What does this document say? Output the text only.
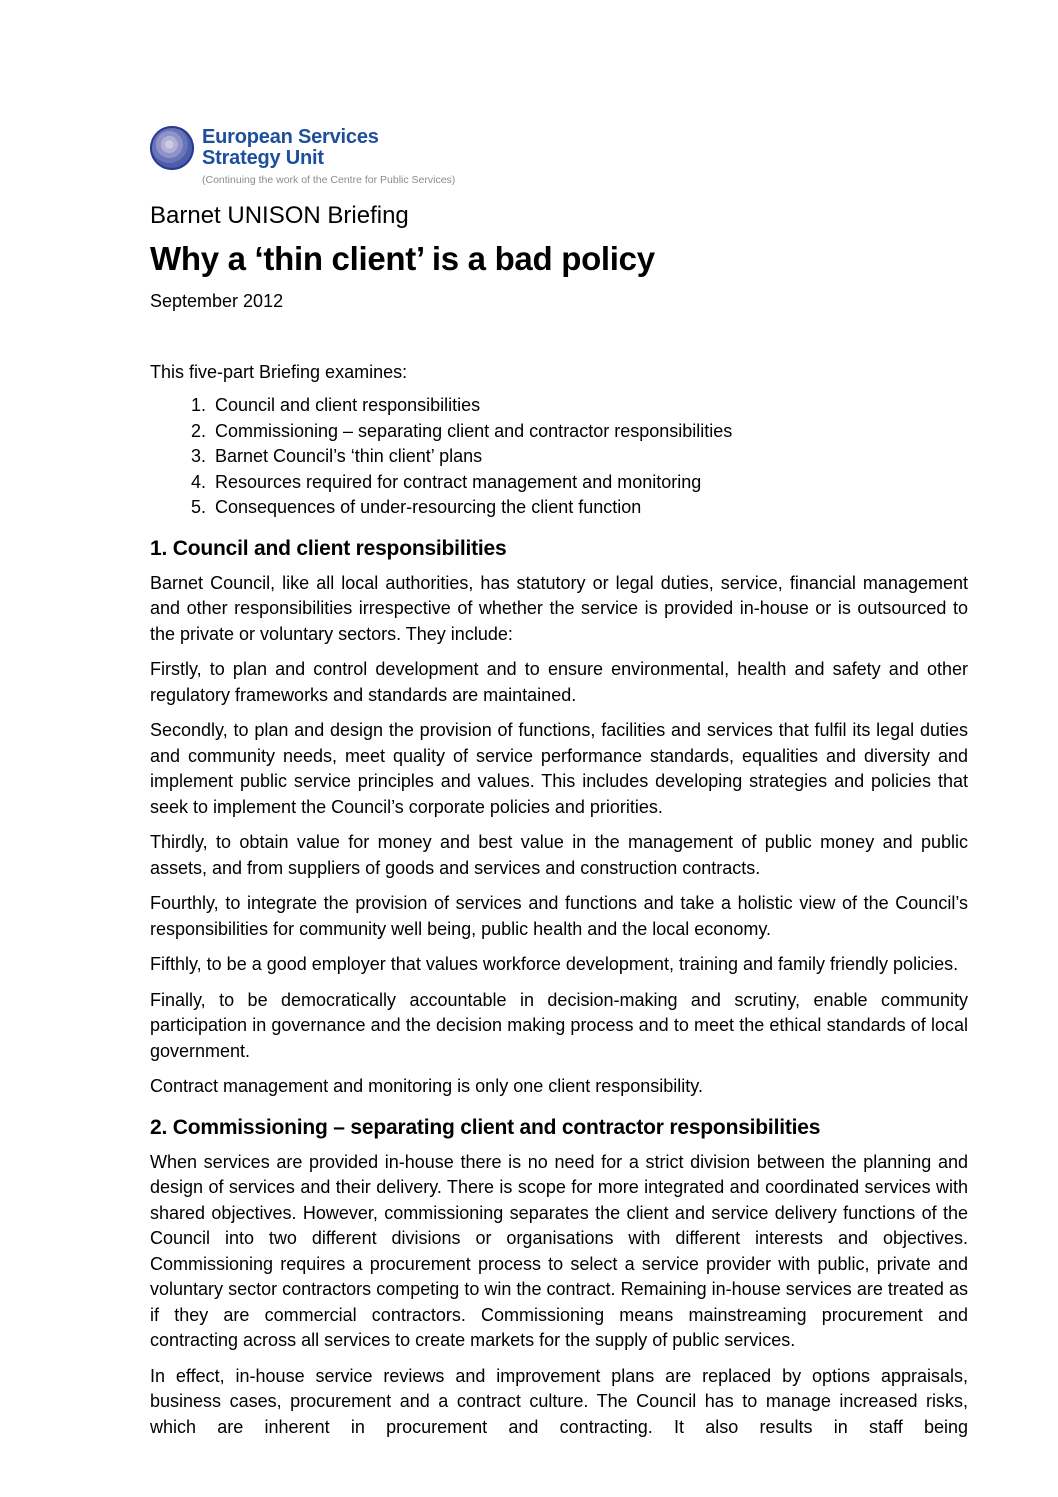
European Services
Strategy Unit
(Continuing the work of the Centre for Public Services)
Barnet UNISON Briefing
Why a ‘thin client’ is a bad policy
September 2012

This five-part Briefing examines:

1. Council and client responsibilities
2. Commissioning – separating client and contractor responsibilities
3. Barnet Council’s ‘thin client’ plans
4. Resources required for contract management and monitoring
5. Consequences of under-resourcing the client function
1. Council and client responsibilities

Barnet Council, like all local authorities, has statutory or legal duties, service, financial management and other responsibilities irrespective of whether the service is provided in-house or is outsourced to the private or voluntary sectors. They include:

Firstly, to plan and control development and to ensure environmental, health and safety and other regulatory frameworks and standards are maintained.

Secondly, to plan and design the provision of functions, facilities and services that fulfil its legal duties and community needs, meet quality of service performance standards, equalities and diversity and implement public service principles and values. This includes developing strategies and policies that seek to implement the Council’s corporate policies and priorities.

Thirdly, to obtain value for money and best value in the management of public money and public assets, and from suppliers of goods and services and construction contracts.

Fourthly, to integrate the provision of services and functions and take a holistic view of the Council’s responsibilities for community well being, public health and the local economy.

Fifthly, to be a good employer that values workforce development, training and family friendly policies.

Finally, to be democratically accountable in decision-making and scrutiny, enable community participation in governance and the decision making process and to meet the ethical standards of local government.

Contract management and monitoring is only one client responsibility.

2. Commissioning – separating client and contractor responsibilities

When services are provided in-house there is no need for a strict division between the planning and design of services and their delivery. There is scope for more integrated and coordinated services with shared objectives. However, commissioning separates the client and service delivery functions of the Council into two different divisions or organisations with different interests and objectives. Commissioning requires a procurement process to select a service provider with public, private and voluntary sector contractors competing to win the contract. Remaining in-house services are treated as if they are commercial contractors. Commissioning means mainstreaming procurement and contracting across all services to create markets for the supply of public services.

In effect, in-house service reviews and improvement plans are replaced by options appraisals, business cases, procurement and a contract culture. The Council has to manage increased risks, which are inherent in procurement and contracting. It also results in staff being
